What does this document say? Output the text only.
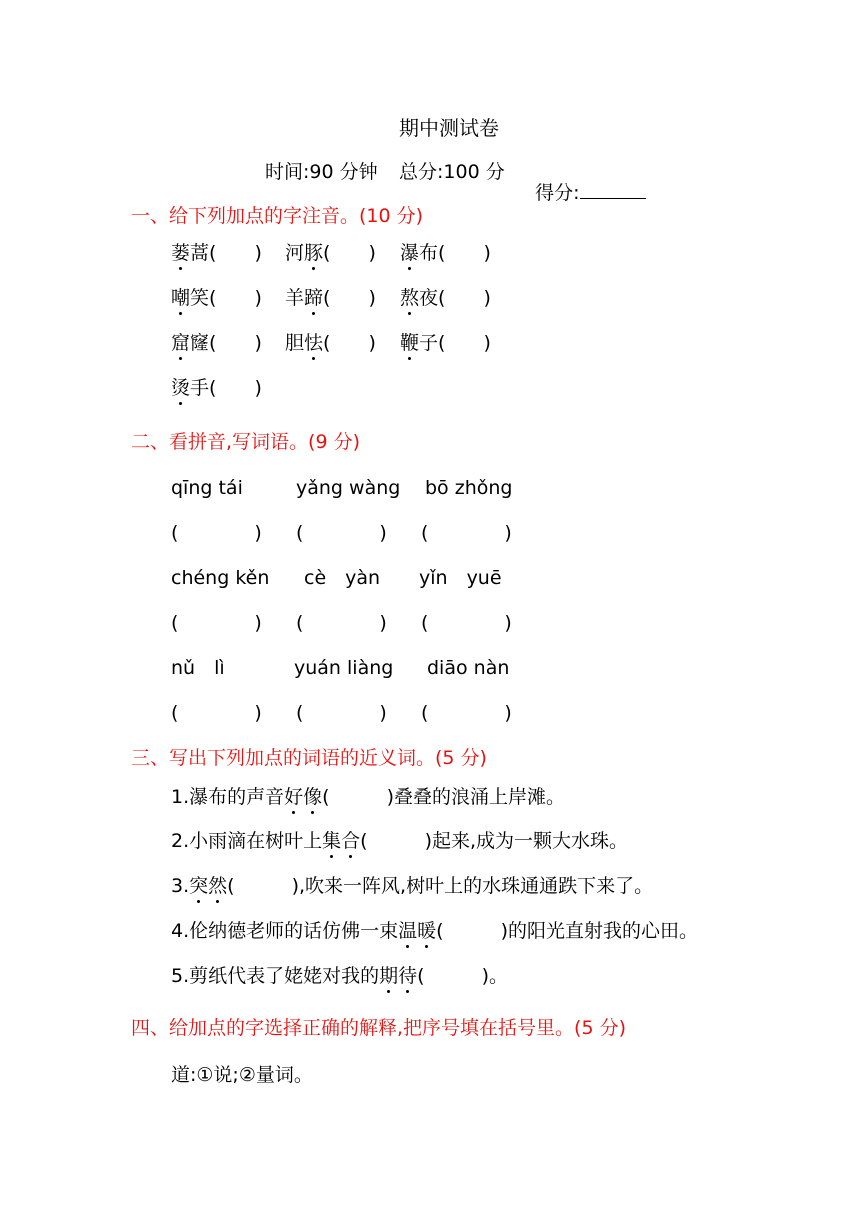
期中测试卷
时间:90 分钟 总分:100 分

得分:

一、给下列加点的字注音。(10 分)
蒌蒿(　　) 河豚(　　) 瀑布(　　)
嘲笑(　　) 羊蹄(　　) 熬夜(　　)
窟窿(　　) 胆怯(　　) 鞭子(　　)
烫手(　　)
二、看拼音,写词语。(9 分)
qīng tái
(　　　　)
yǎng wàng
(　　　　)
bō zhǒng
(　　　　)
chéng kěn
(　　　　)
cè　yàn
(　　　　)
yǐn　yuē
(　　　　)
nǔ　lì
(　　　　)
yuán liàng
(　　　　)
diāo nàn
(　　　　)
三、写出下列加点的词语的近义词。(5 分)
1.瀑布的声音好像(　　　)叠叠的浪涌上岸滩。
2.小雨滴在树叶上集合(　　　)起来,成为一颗大水珠。
3.突然(　　　),吹来一阵风,树叶上的水珠通通跌下来了。
4.伦纳德老师的话仿佛一束温暖(　　　)的阳光直射我的心田。
5.剪纸代表了姥姥对我的期待(　　　)。
四、给加点的字选择正确的解释,把序号填在括号里。(5 分)
道:①说;②量词。
